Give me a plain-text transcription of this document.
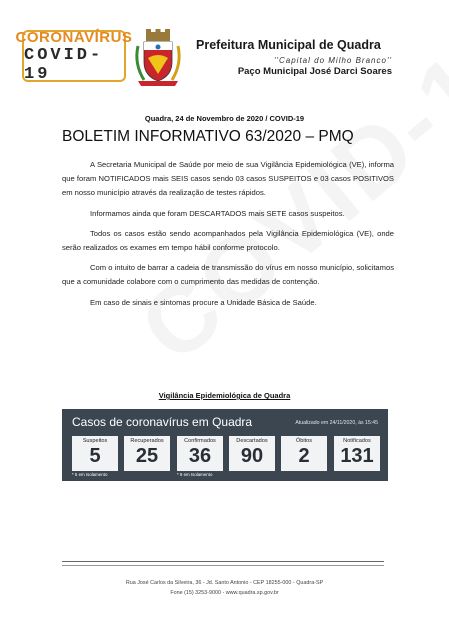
CORONAVÍRUS
COVID-19
Prefeitura Municipal de Quadra
''Capital do Milho Branco''
Paço Municipal José Darci Soares
Quadra, 24 de Novembro de 2020 / COVID-19
BOLETIM INFORMATIVO 63/2020 – PMQ

A Secretaria Municipal de Saúde por meio de sua Vigilância Epidemiológica (VE), informa que foram NOTIFICADOS mais SEIS casos sendo 03 casos SUSPEITOS e 03 casos POSITIVOS em nosso município através da realização de testes rápidos.

Informamos ainda que foram DESCARTADOS mais SETE casos suspeitos.

Todos os casos estão sendo acompanhados pela Vigilância Epidemiológica (VE), onde serão realizados os exames em tempo hábil conforme protocolo.

Com o intuito de barrar a cadeia de transmissão do vírus em nosso município, solicitamos que a comunidade colabore com o cumprimento das medidas de contenção.

Em caso de sinais e sintomas procure a Unidade Básica de Saúde.

Vigilância Epidemiológica de Quadra
Casos de coronavírus em Quadra	Atualizado em 24/11/2020, às 15:45
Suspeitos
5
Recuperados
25
Confirmados
36
Descartados
90
Óbitos
2
Notificados
131
* 5 em Isolamento	* 9 em Isolamento
Rua José Carlos da Silveira, 36 - Jd. Santo Antonio - CEP 18255-000 - Quadra-SP
Fone (15) 3253-9000 - www.quadra.sp.gov.br
